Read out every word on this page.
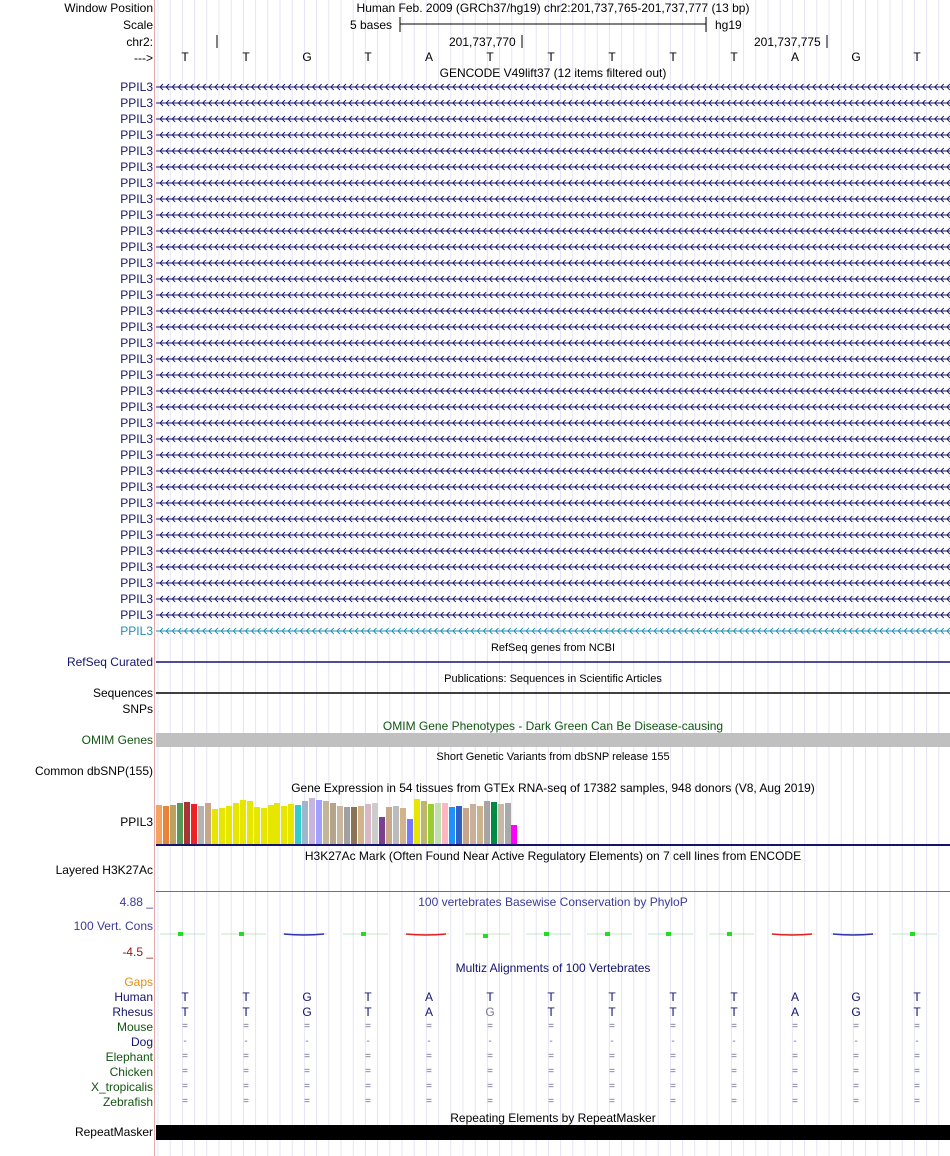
Window Position
Scale
chr2:
--->
Human Feb. 2009 (GRCh37/hg19) chr2:201,737,765-201,737,777 (13 bp)
5 bases	hg19
201,737,770	201,737,775
GENCODE V49lift37 (12 items filtered out)
RefSeq genes from NCBI
RefSeq Curated
Publications: Sequences in Scientific Articles
Sequences
SNPs
OMIM Gene Phenotypes - Dark Green Can Be Disease-causing
OMIM Genes
Short Genetic Variants from dbSNP release 155
Common dbSNP(155)
Gene Expression in 54 tissues from GTEx RNA-seq of 17382 samples, 948 donors (V8, Aug 2019)
PPIL3
H3K27Ac Mark (Often Found Near Active Regulatory Elements) on 7 cell lines from ENCODE
Layered H3K27Ac
100 vertebrates Basewise Conservation by PhyloP
4.88 _
100 Vert. Cons
-4.5 _
Multiz Alignments of 100 Vertebrates
Gaps
Repeating Elements by RepeatMasker
RepeatMasker
T	T	G	T	A	T	T	T	T	T	A	G	T
PPIL3
PPIL3
PPIL3
PPIL3
PPIL3
PPIL3
PPIL3
PPIL3
PPIL3
PPIL3
PPIL3
PPIL3
PPIL3
PPIL3
PPIL3
PPIL3
PPIL3
PPIL3
PPIL3
PPIL3
PPIL3
PPIL3
PPIL3
PPIL3
PPIL3
PPIL3
PPIL3
PPIL3
PPIL3
PPIL3
PPIL3
PPIL3
PPIL3
PPIL3
PPIL3
Human	T	T	G	T	A	T	T	T	T	T	A	G	T
Rhesus	T	T	G	T	A	G	T	T	T	T	A	G	T
Mouse	=	=	=	=	=	=	=	=	=	=	=	=	=
Dog	-	-	-	-	-	-	-	-	-	-	-	-	-
Elephant	=	=	=	=	=	=	=	=	=	=	=	=	=
Chicken	=	=	=	=	=	=	=	=	=	=	=	=	=
X_tropicalis	=	=	=	=	=	=	=	=	=	=	=	=	=
Zebrafish	=	=	=	=	=	=	=	=	=	=	=	=	=
